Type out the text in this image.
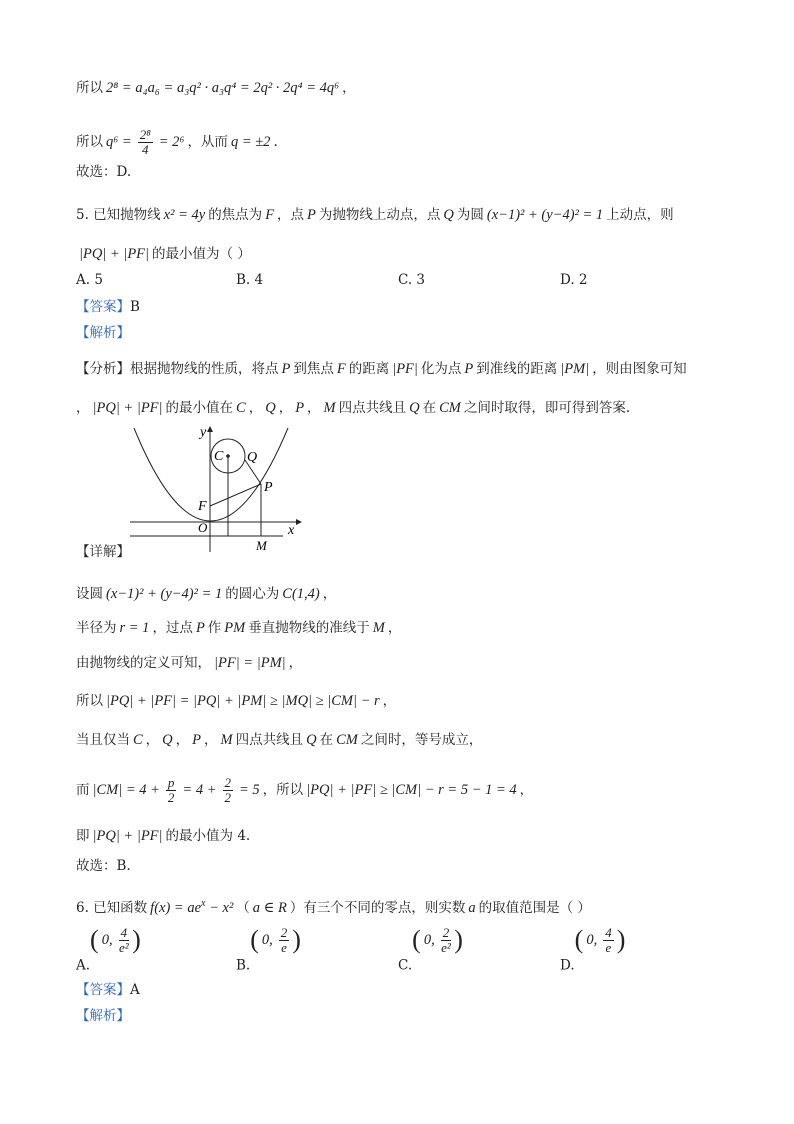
所以 2⁸ = a₄a₆ = a₃q² · a₃q⁴ = 2q² · 2q⁴ = 4q⁶ ，
所以 $q^6 = \frac{\text{2⁸}}{4} = 2^6$ ，从而 q = ±2 .
故选：D.
5. 已知抛物线 x² = 4y 的焦点为 F ，点 P 为抛物线上动点，点 Q 为圆 (x−1)² + (y−4)² = 1 上动点，则
|PQ| + |PF| 的最小值为（ ）
A. 5	B. 4	C. 3	D. 2
【答案】B
【解析】
【分析】根据抛物线的性质，将点 P 到焦点 F 的距离 |PF| 化为点 P 到准线的距离 |PM| ，则由图象可知
， |PQ| + |PF| 的最小值在 C ， Q ， P ， M 四点共线且 Q 在 CM 之间时取得，即可得到答案.
y
x
O
C Q
P
F
M
【详解】
设圆 (x−1)² + (y−4)² = 1 的圆心为 C(1,4) ，
半径为 r = 1 ，过点 P 作 PM 垂直抛物线的准线于 M ，
由抛物线的定义可知， |PF| = |PM| ，
所以 |PQ| + |PF| = |PQ| + |PM| ≥ |MQ| ≥ |CM| − r ，
当且仅当 C ， Q ， P ， M 四点共线且 Q 在 CM 之间时，等号成立，
而 $|CM| = 4 + \frac{p}{2} = 4 + \frac{2}{2} = 5$ ，所以 |PQ| + |PF| ≥ |CM| − r = 5 − 1 = 4 ，
即 |PQ| + |PF| 的最小值为 4.
故选：B.
6. 已知函数 $f(x) = ae^x - x^2$ （ a ∈ R ）有三个不同的零点，则实数 a 的取值范围是（ ）
A.( 0, $\frac{4}{\text{e²}}$ )
B.( 0, $\frac{2}{e}$ )
C.( 0, $\frac{2}{\text{e²}}$ )
D.( 0, $\frac{4}{e}$ )
【答案】A
【解析】
